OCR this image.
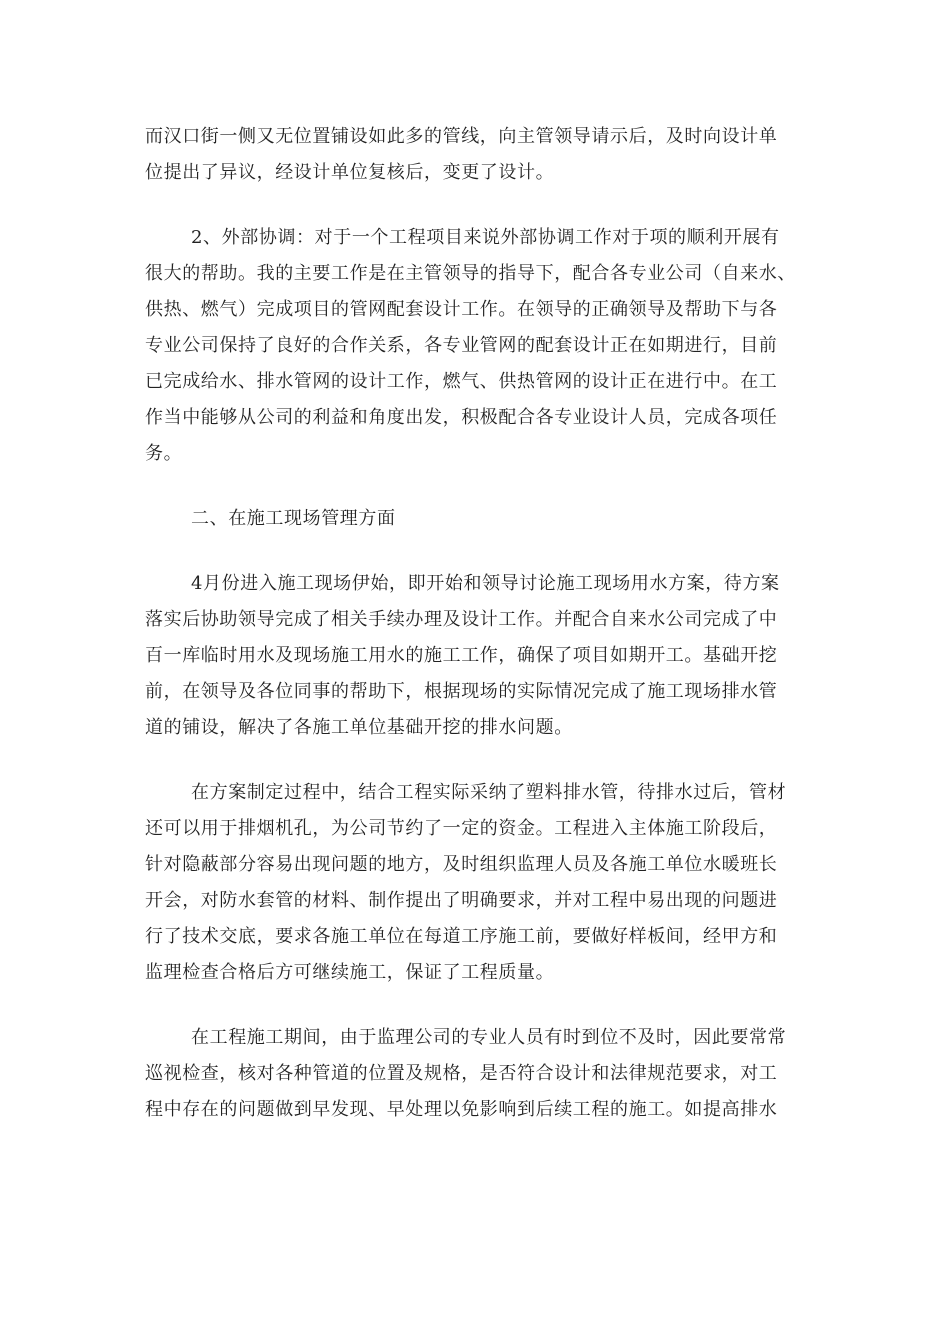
而汉口街一侧又无位置铺设如此多的管线，向主管领导请示后，及时向设计单
位提出了异议，经设计单位复核后，变更了设计。
2、外部协调：对于一个工程项目来说外部协调工作对于项的顺利开展有
很大的帮助。我的主要工作是在主管领导的指导下，配合各专业公司（自来水、
供热、燃气）完成项目的管网配套设计工作。在领导的正确领导及帮助下与各
专业公司保持了良好的合作关系，各专业管网的配套设计正在如期进行，目前
已完成给水、排水管网的设计工作，燃气、供热管网的设计正在进行中。在工
作当中能够从公司的利益和角度出发，积极配合各专业设计人员，完成各项任
务。
二、在施工现场管理方面
4月份进入施工现场伊始，即开始和领导讨论施工现场用水方案，待方案
落实后协助领导完成了相关手续办理及设计工作。并配合自来水公司完成了中
百一库临时用水及现场施工用水的施工工作，确保了项目如期开工。基础开挖
前，在领导及各位同事的帮助下，根据现场的实际情况完成了施工现场排水管
道的铺设，解决了各施工单位基础开挖的排水问题。
在方案制定过程中，结合工程实际采纳了塑料排水管，待排水过后，管材
还可以用于排烟机孔，为公司节约了一定的资金。工程进入主体施工阶段后，
针对隐蔽部分容易出现问题的地方，及时组织监理人员及各施工单位水暖班长
开会，对防水套管的材料、制作提出了明确要求，并对工程中易出现的问题进
行了技术交底，要求各施工单位在每道工序施工前，要做好样板间，经甲方和
监理检查合格后方可继续施工，保证了工程质量。
在工程施工期间，由于监理公司的专业人员有时到位不及时，因此要常常
巡视检查，核对各种管道的位置及规格，是否符合设计和法律规范要求，对工
程中存在的问题做到早发现、早处理以免影响到后续工程的施工。如提高排水
